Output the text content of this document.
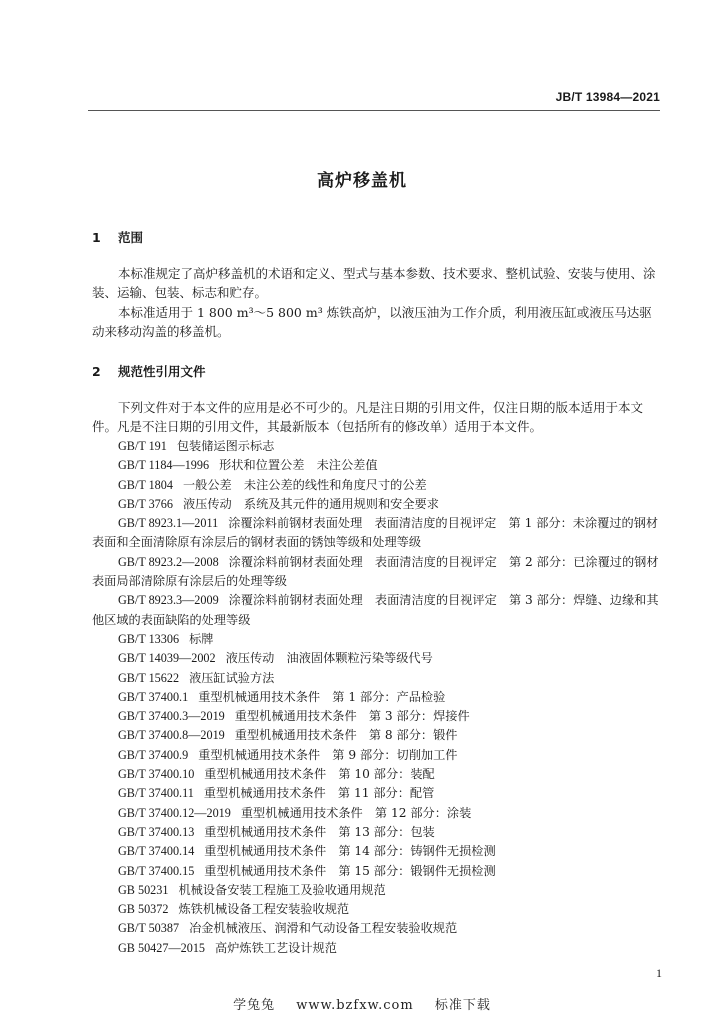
JB/T 13984—2021
高炉移盖机
1 范围

本标准规定了高炉移盖机的术语和定义、型式与基本参数、技术要求、整机试验、安装与使用、涂装、运输、包装、标志和贮存。

本标准适用于 1 800 m³～5 800 m³ 炼铁高炉，以液压油为工作介质，利用液压缸或液压马达驱动来移动沟盖的移盖机。

2 规范性引用文件

下列文件对于本文件的应用是必不可少的。凡是注日期的引用文件，仅注日期的版本适用于本文件。凡是不注日期的引用文件，其最新版本（包括所有的修改单）适用于本文件。

GB/T 191 包装储运图示标志
GB/T 1184—1996 形状和位置公差　未注公差值
GB/T 1804 一般公差　未注公差的线性和角度尺寸的公差
GB/T 3766 液压传动　系统及其元件的通用规则和安全要求
GB/T 8923.1—2011 涂覆涂料前钢材表面处理　表面清洁度的目视评定　第 1 部分：未涂覆过的钢材表面和全面清除原有涂层后的钢材表面的锈蚀等级和处理等级
GB/T 8923.2—2008 涂覆涂料前钢材表面处理　表面清洁度的目视评定　第 2 部分：已涂覆过的钢材表面局部清除原有涂层后的处理等级
GB/T 8923.3—2009 涂覆涂料前钢材表面处理　表面清洁度的目视评定　第 3 部分：焊缝、边缘和其他区域的表面缺陷的处理等级
GB/T 13306 标牌
GB/T 14039—2002 液压传动　油液固体颗粒污染等级代号
GB/T 15622 液压缸试验方法
GB/T 37400.1 重型机械通用技术条件　第 1 部分：产品检验
GB/T 37400.3—2019 重型机械通用技术条件　第 3 部分：焊接件
GB/T 37400.8—2019 重型机械通用技术条件　第 8 部分：锻件
GB/T 37400.9 重型机械通用技术条件　第 9 部分：切削加工件
GB/T 37400.10 重型机械通用技术条件　第 10 部分：装配
GB/T 37400.11 重型机械通用技术条件　第 11 部分：配管
GB/T 37400.12—2019 重型机械通用技术条件　第 12 部分：涂装
GB/T 37400.13 重型机械通用技术条件　第 13 部分：包装
GB/T 37400.14 重型机械通用技术条件　第 14 部分：铸钢件无损检测
GB/T 37400.15 重型机械通用技术条件　第 15 部分：锻钢件无损检测
GB 50231 机械设备安装工程施工及验收通用规范
GB 50372 炼铁机械设备工程安装验收规范
GB/T 50387 冶金机械液压、润滑和气动设备工程安装验收规范
GB 50427—2015 高炉炼铁工艺设计规范
1
学兔兔 www.bzfxw.com 标准下载
